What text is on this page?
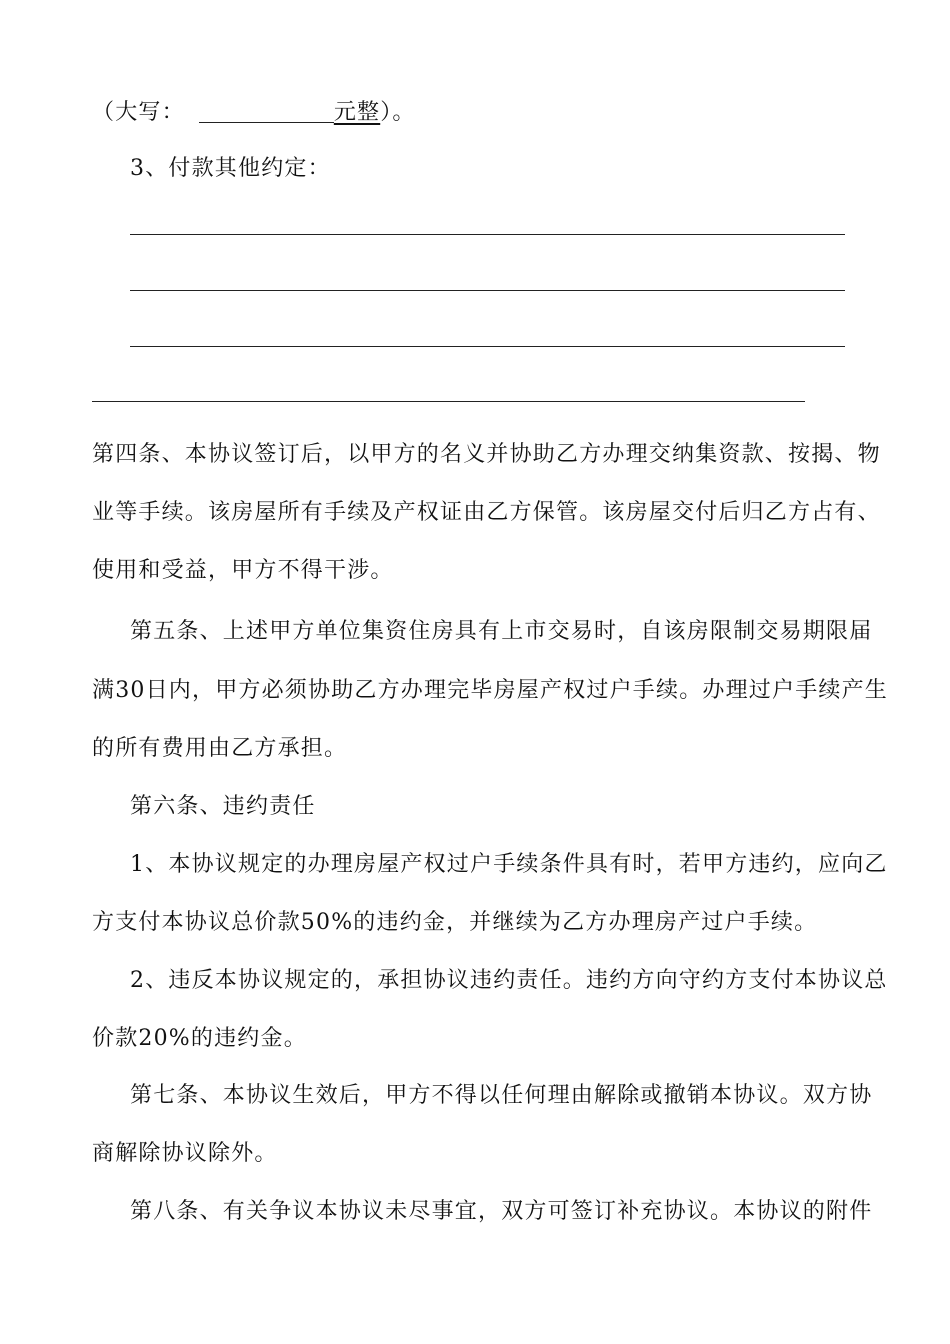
（大写：	元整）。
3、付款其他约定：
第四条、本协议签订后，以甲方的名义并协助乙方办理交纳集资款、按揭、物
业等手续。该房屋所有手续及产权证由乙方保管。该房屋交付后归乙方占有、
使用和受益，甲方不得干涉。
第五条、上述甲方单位集资住房具有上市交易时，自该房限制交易期限届
满30日内，甲方必须协助乙方办理完毕房屋产权过户手续。办理过户手续产生
的所有费用由乙方承担。
第六条、违约责任
1、本协议规定的办理房屋产权过户手续条件具有时，若甲方违约，应向乙
方支付本协议总价款50%的违约金，并继续为乙方办理房产过户手续。
2、违反本协议规定的，承担协议违约责任。违约方向守约方支付本协议总
价款20%的违约金。
第七条、本协议生效后，甲方不得以任何理由解除或撤销本协议。双方协
商解除协议除外。
第八条、有关争议本协议未尽事宜，双方可签订补充协议。本协议的附件
